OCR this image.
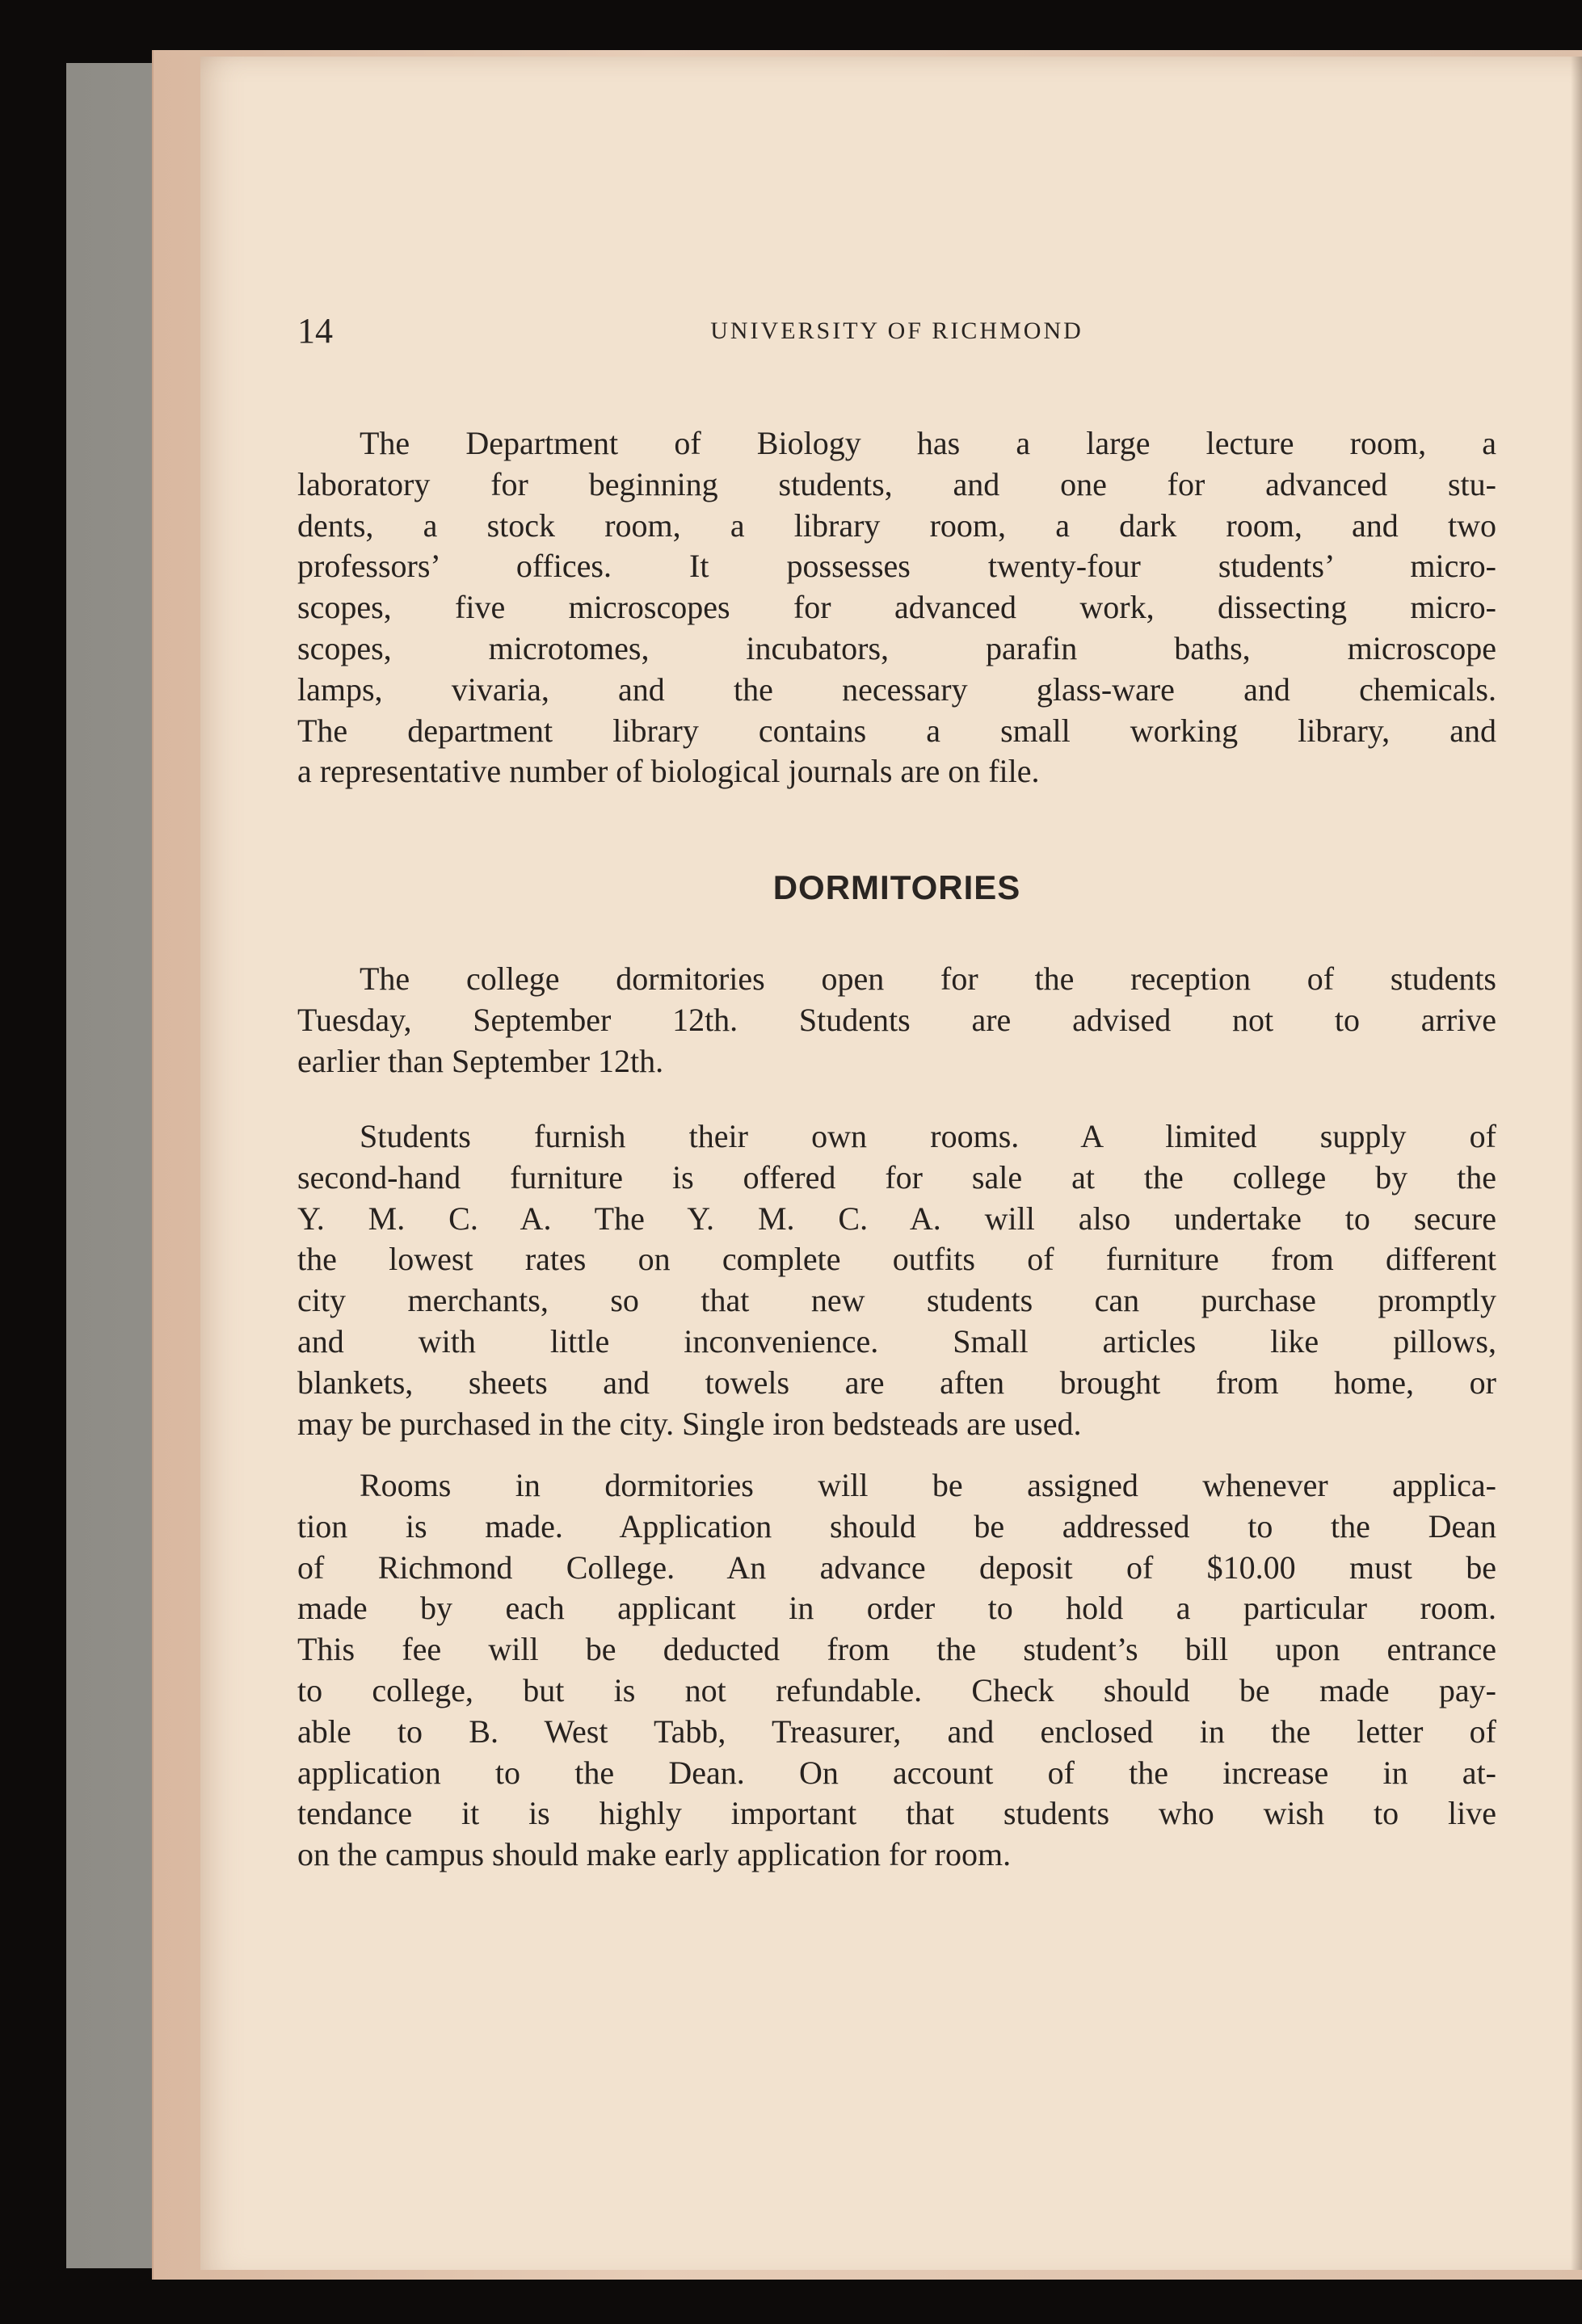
14	UNIVERSITY OF RICHMOND
The Department of Biology has a large lecture room, a
laboratory for beginning students, and one for advanced stu-
dents, a stock room, a library room, a dark room, and two
professors’ offices. It possesses twenty-four students’ micro-
scopes, five microscopes for advanced work, dissecting micro-
scopes, microtomes, incubators, parafin baths, microscope
lamps, vivaria, and the necessary glass-ware and chemicals.
The department library contains a small working library, and
a representative number of biological journals are on file.
DORMITORIES
The college dormitories open for the reception of students
Tuesday, September 12th. Students are advised not to arrive
earlier than September 12th.
Students furnish their own rooms. A limited supply of
second-hand furniture is offered for sale at the college by the
Y. M. C. A. The Y. M. C. A. will also undertake to secure
the lowest rates on complete outfits of furniture from different
city merchants, so that new students can purchase promptly
and with little inconvenience. Small articles like pillows,
blankets, sheets and towels are aften brought from home, or
may be purchased in the city. Single iron bedsteads are used.
Rooms in dormitories will be assigned whenever applica-
tion is made. Application should be addressed to the Dean
of Richmond College. An advance deposit of $10.00 must be
made by each applicant in order to hold a particular room.
This fee will be deducted from the student’s bill upon entrance
to college, but is not refundable. Check should be made pay-
able to B. West Tabb, Treasurer, and enclosed in the letter of
application to the Dean. On account of the increase in at-
tendance it is highly important that students who wish to live
on the campus should make early application for room.
